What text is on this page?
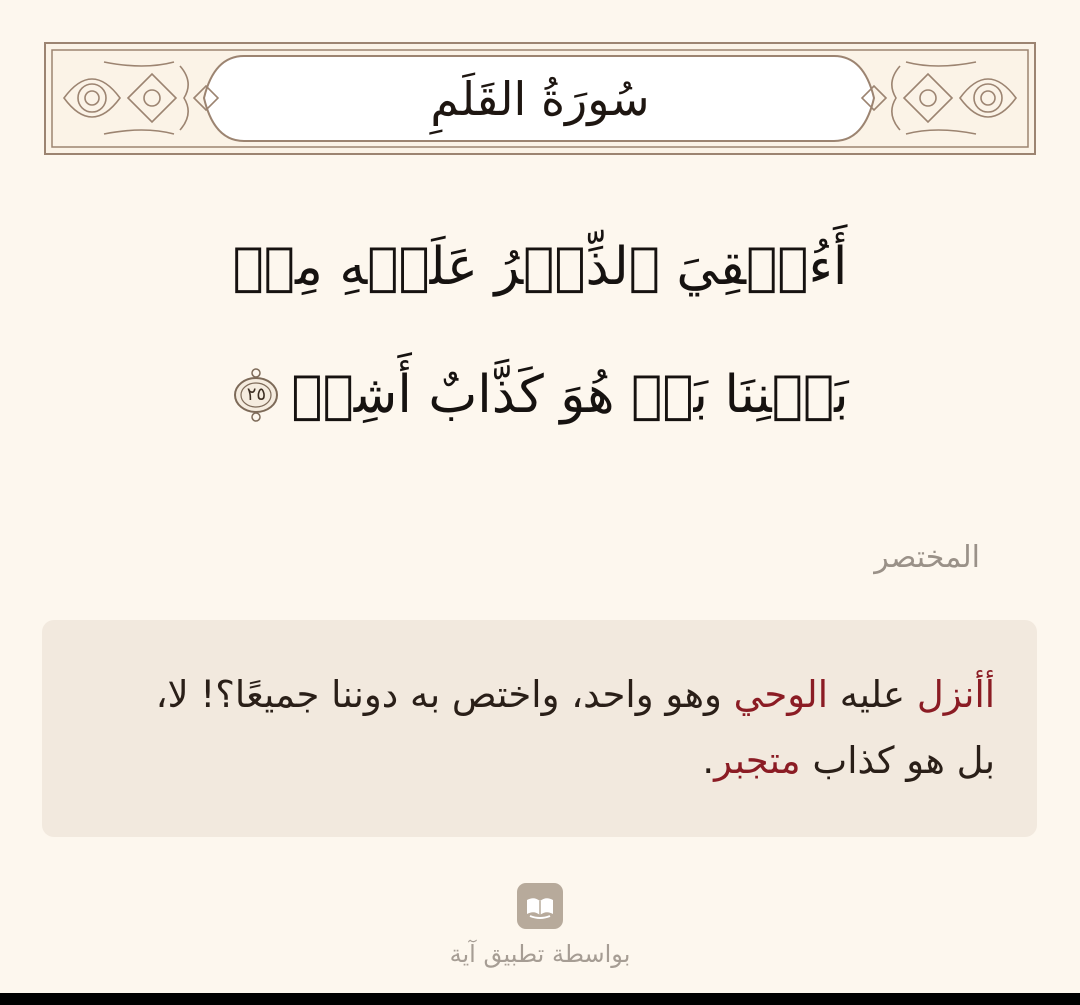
سُورَةُ القَلَمِ
أَءُلۡقِيَ ٱلذِّكۡرُ عَلَيۡهِ مِنۢ
بَيۡنِنَا بَلۡ هُوَ كَذَّابٌ أَشِرٞ
٢٥
المختصر
أأنزل عليه الوحي وهو واحد، واختص به دوننا جميعًا؟! لا، بل هو كذاب متجبر.
بواسطة تطبيق آية
